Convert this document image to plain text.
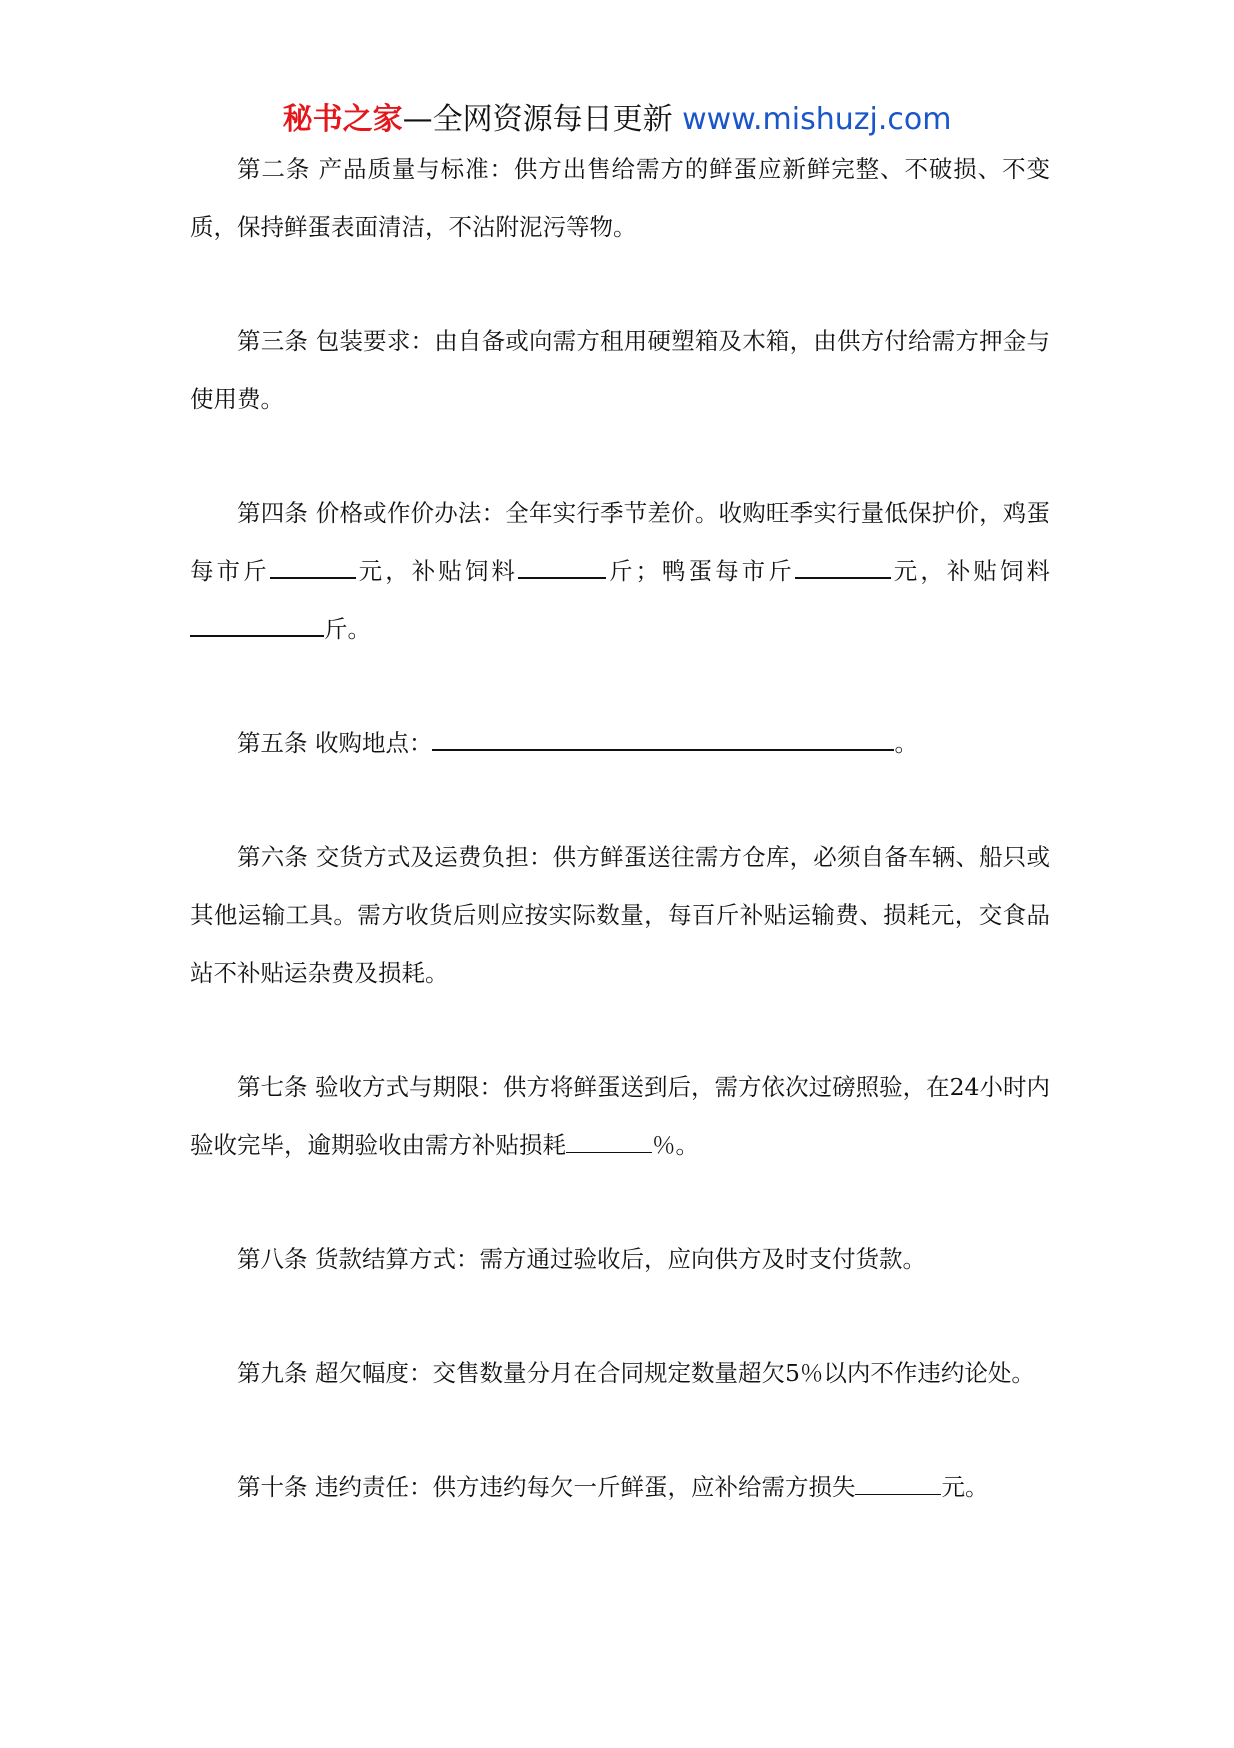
秘书之家—全网资源每日更新 www.mishuzj.com

第二条 产品质量与标准：供方出售给需方的鲜蛋应新鲜完整、不破损、不变质，保持鲜蛋表面清洁，不沾附泥污等物。

第三条 包装要求：由自备或向需方租用硬塑箱及木箱，由供方付给需方押金与使用费。

第四条 价格或作价办法：全年实行季节差价。收购旺季实行量低保护价，鸡蛋每市斤	元，补贴饲料	斤；鸭蛋每市斤	元，补贴饲料斤。

第五条 收购地点：	。

第六条 交货方式及运费负担：供方鲜蛋送往需方仓库，必须自备车辆、船只或其他运输工具。需方收货后则应按实际数量，每百斤补贴运输费、损耗元，交食品站不补贴运杂费及损耗。

第七条 验收方式与期限：供方将鲜蛋送到后，需方依次过磅照验，在24小时内验收完毕，逾期验收由需方补贴损耗	％。

第八条 货款结算方式：需方通过验收后，应向供方及时支付货款。

第九条 超欠幅度：交售数量分月在合同规定数量超欠5％以内不作违约论处。

第十条 违约责任：供方违约每欠一斤鲜蛋，应补给需方损失	元。
